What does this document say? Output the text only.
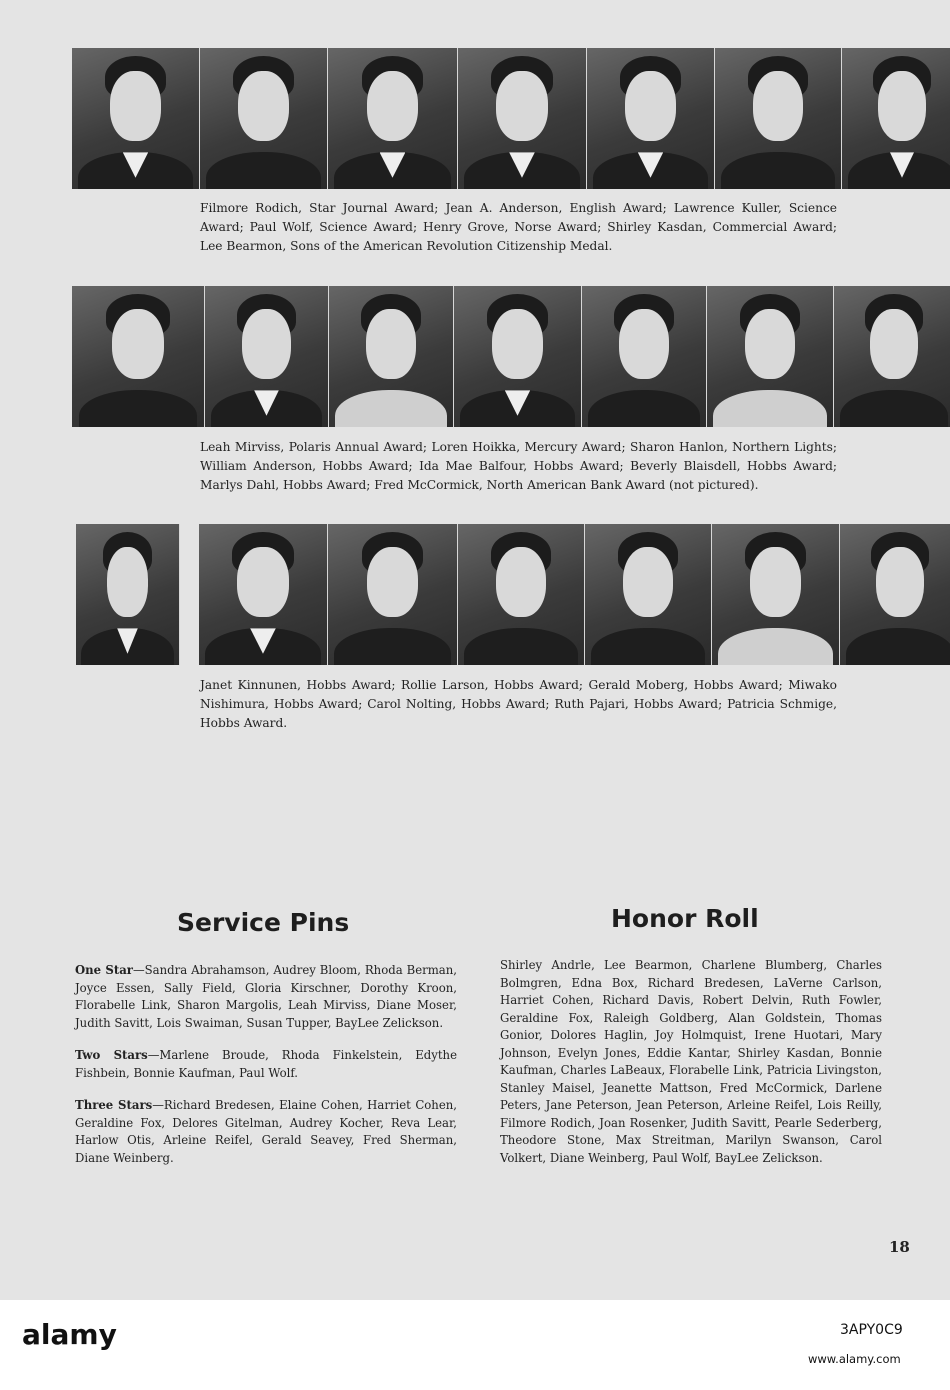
Filmore Rodich, Star Journal Award; Jean A. Anderson, English Award; Lawrence Kuller, Science Award; Paul Wolf, Science Award; Henry Grove, Norse Award; Shirley Kasdan, Commercial Award; Lee Bearmon, Sons of the American Revolution Citizenship Medal.
Leah Mirviss, Polaris Annual Award; Loren Hoikka, Mercury Award; Sharon Hanlon, Northern Lights; William Anderson, Hobbs Award; Ida Mae Balfour, Hobbs Award; Beverly Blaisdell, Hobbs Award; Marlys Dahl, Hobbs Award; Fred McCormick, North American Bank Award (not pictured).
Janet Kinnunen, Hobbs Award; Rollie Larson, Hobbs Award; Gerald Moberg, Hobbs Award; Miwako Nishimura, Hobbs Award; Carol Nolting, Hobbs Award; Ruth Pajari, Hobbs Award; Patricia Schmige, Hobbs Award.
Service Pins

One Star—Sandra Abrahamson, Audrey Bloom, Rhoda Berman, Joyce Essen, Sally Field, Gloria Kirschner, Dorothy Kroon, Florabelle Link, Sharon Margolis, Leah Mirviss, Diane Moser, Judith Savitt, Lois Swaiman, Susan Tupper, BayLee Zelickson.

Two Stars—Marlene Broude, Rhoda Finkelstein, Edythe Fishbein, Bonnie Kaufman, Paul Wolf.

Three Stars—Richard Bredesen, Elaine Cohen, Harriet Cohen, Geraldine Fox, Delores Gitelman, Audrey Kocher, Reva Lear, Harlow Otis, Arleine Reifel, Gerald Seavey, Fred Sherman, Diane Weinberg.

Honor Roll

Shirley Andrle, Lee Bearmon, Charlene Blumberg, Charles Bolmgren, Edna Box, Richard Bredesen, LaVerne Carlson, Harriet Cohen, Richard Davis, Robert Delvin, Ruth Fowler, Geraldine Fox, Raleigh Goldberg, Alan Goldstein, Thomas Gonior, Dolores Haglin, Joy Holmquist, Irene Huotari, Mary Johnson, Evelyn Jones, Eddie Kantar, Shirley Kasdan, Bonnie Kaufman, Charles LaBeaux, Florabelle Link, Patricia Livingston, Stanley Maisel, Jeanette Mattson, Fred McCormick, Darlene Peters, Jane Peterson, Jean Peterson, Arleine Reifel, Lois Reilly, Filmore Rodich, Joan Rosenker, Judith Savitt, Pearle Sederberg, Theodore Stone, Max Streitman, Marilyn Swanson, Carol Volkert, Diane Weinberg, Paul Wolf, BayLee Zelickson.

18
alamy	3APY0C9
www.alamy.com
